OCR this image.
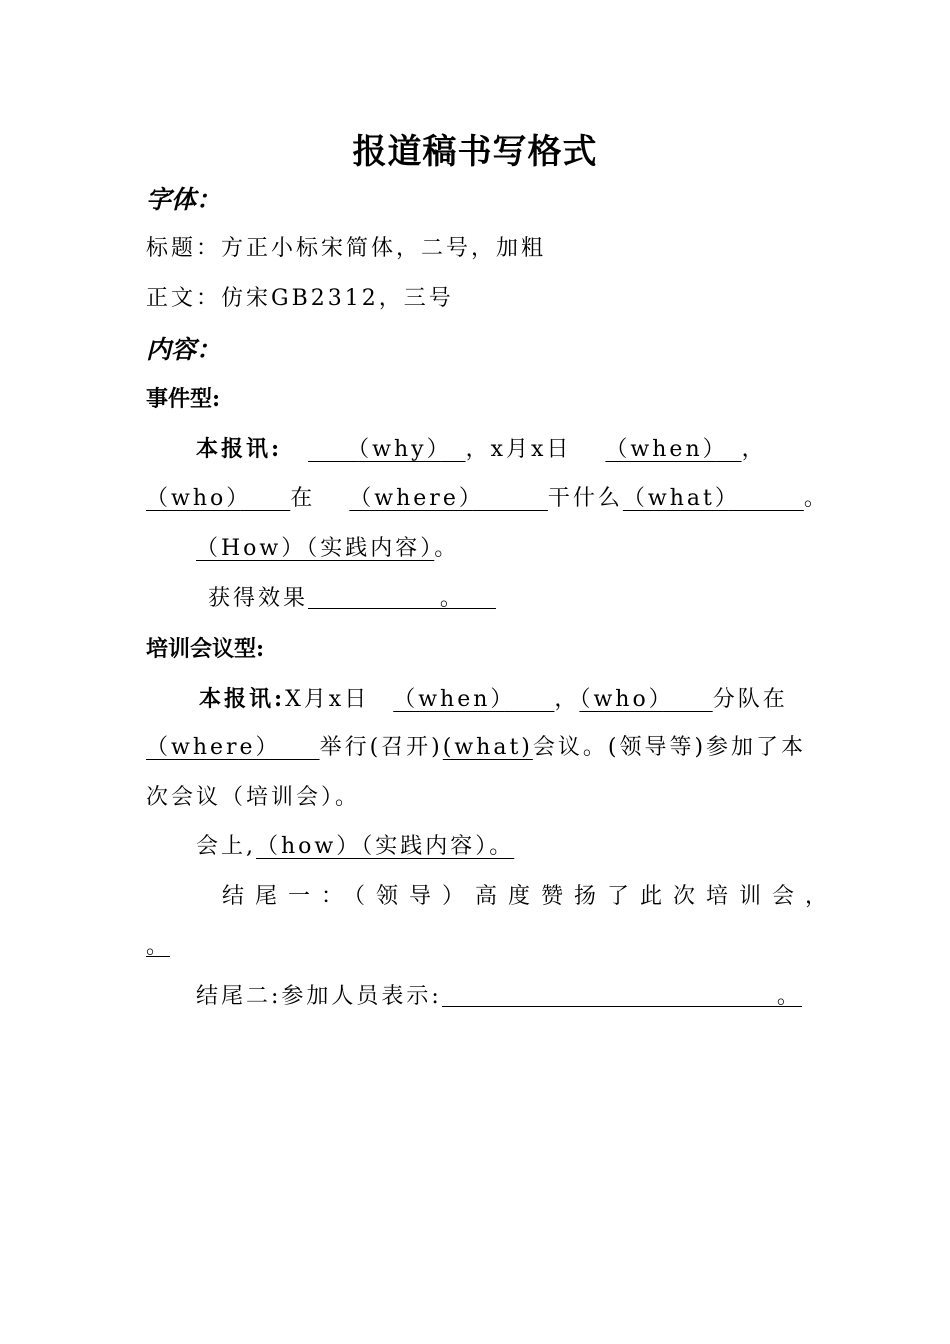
报道稿书写格式
字体：
标题：方正小标宋简体，二号，加粗
正文：仿宋GB2312，三号
内容：
事件型:
本报讯:　　	（why）　 ，x月x日 （when）　 ，
（who）　　 在 （where）　　　	干什么（what）　　　	。
（How）（实践内容）。
获得效果	。      
培训会议型:
本报讯:X月x日 （when）　　 ，（who）　　 分队在
（where）　　 举行(召开)(what)会议。(领导等)参加了本
次会议（培训会）。
会上,（how）（实践内容）。
结尾一：（领导）高度赞扬了此次培训会，
。
结尾二:参加人员表示:	。
